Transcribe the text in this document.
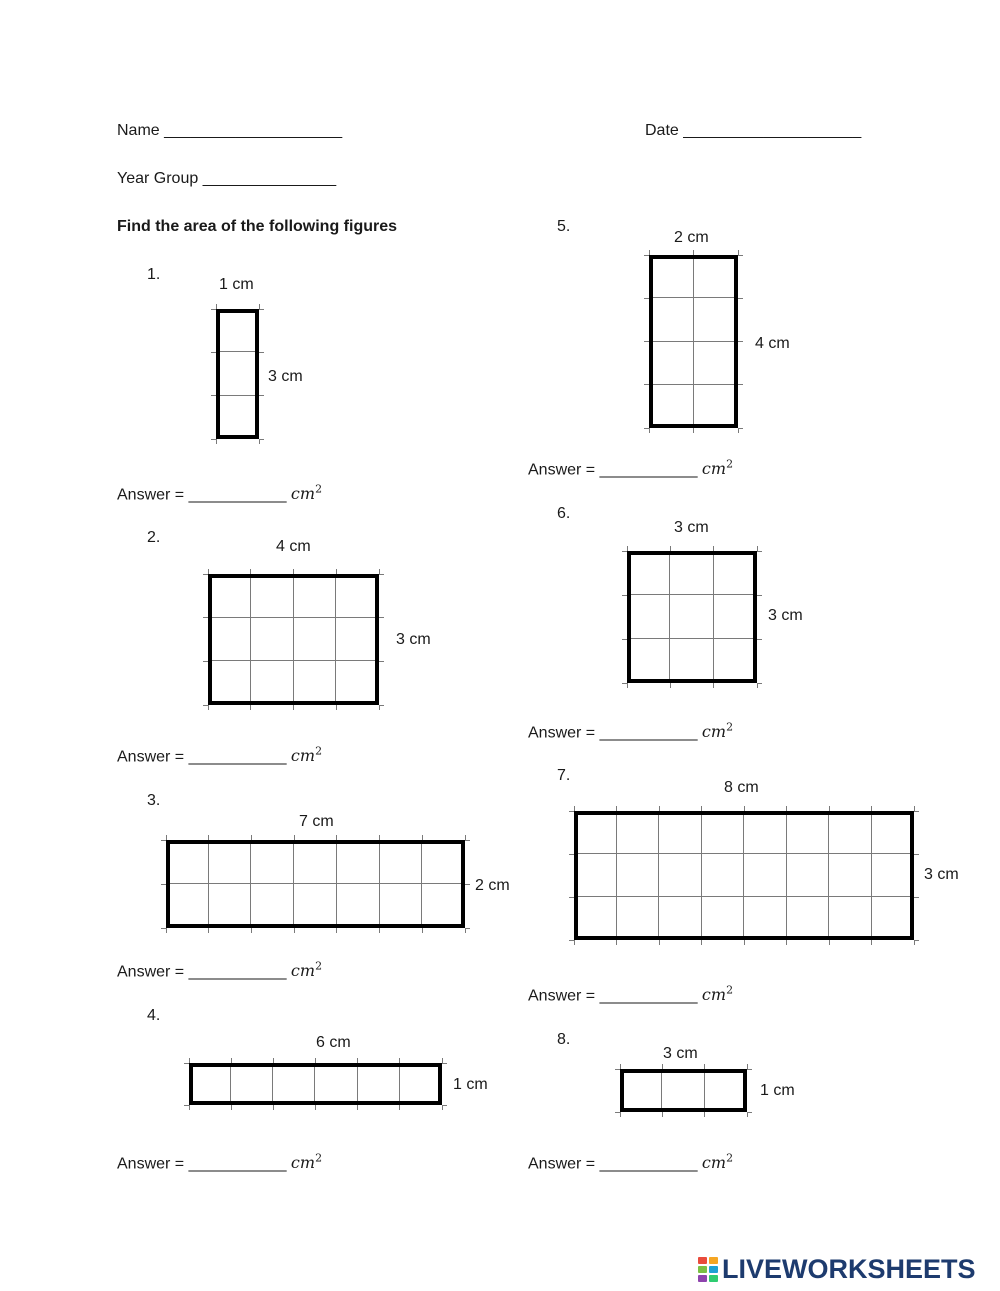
Name ____________________	Date ____________________
Year Group _______________
Find the area of the following figures
1.
1 cm
3 cm
Answer = ___________ $cm^2$
2.
4 cm
3 cm
Answer = ___________ $cm^2$
3.
7 cm
2 cm
Answer = ___________ $cm^2$
4.
6 cm
1 cm
Answer = ___________ $cm^2$
5.
2 cm
4 cm
Answer = ___________ $cm^2$
6.
3 cm
3 cm
Answer = ___________ $cm^2$
7.
8 cm
3 cm
Answer = ___________ $cm^2$
8.
3 cm
1 cm
Answer = ___________ $cm^2$
LIVEWORKSHEETS
